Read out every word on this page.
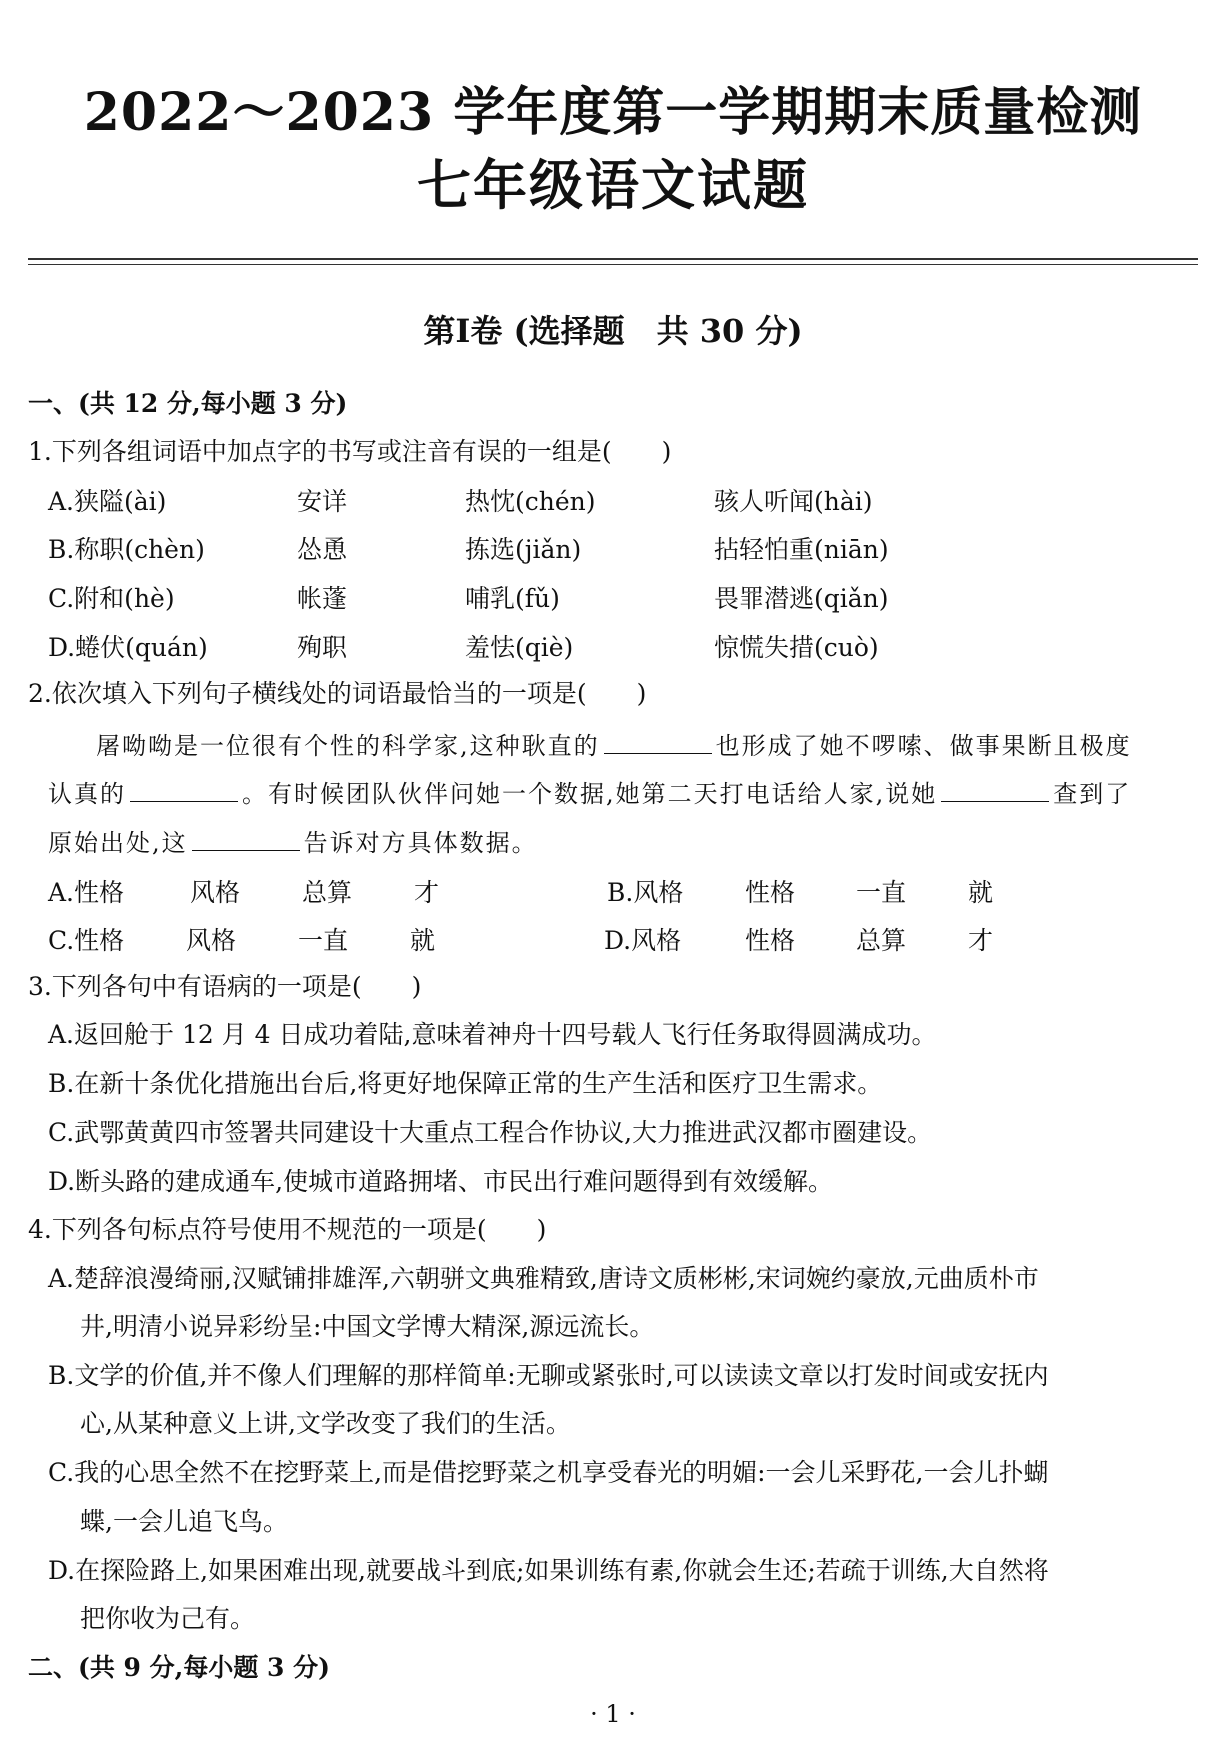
2022～2023 学年度第一学期期末质量检测
七年级语文试题
第Ⅰ卷 (选择题　共 30 分)
一、(共 12 分,每小题 3 分)
1.下列各组词语中加点字的书写或注音有误的一组是(　　)
A.狭隘(ài)	安详	热忱(chén)	骇人听闻(hài)
B.称职(chèn)	怂恿	拣选(jiǎn)	拈轻怕重(niān)
C.附和(hè)	帐蓬	哺乳(fǔ)	畏罪潜逃(qiǎn)
D.蜷伏(quán)	殉职	羞怯(qiè)	惊慌失措(cuò)
2.依次填入下列句子横线处的词语最恰当的一项是(　　)
屠呦呦是一位很有个性的科学家,这种耿直的	也形成了她不啰嗦、做事果断且极度
认真的	。有时候团队伙伴问她一个数据,她第二天打电话给人家,说她	查到了
原始出处,这	告诉对方具体数据。
A.性格	风格 总算 才	B.风格 性格 一直 就
C.性格 风格 一直 就	D.风格	性格 总算 才
3.下列各句中有语病的一项是(　　)
A.返回舱于 12 月 4 日成功着陆,意味着神舟十四号载人飞行任务取得圆满成功。
B.在新十条优化措施出台后,将更好地保障正常的生产生活和医疗卫生需求。
C.武鄂黄黄四市签署共同建设十大重点工程合作协议,大力推进武汉都市圈建设。
D.断头路的建成通车,使城市道路拥堵、市民出行难问题得到有效缓解。
4.下列各句标点符号使用不规范的一项是(　　)
A.楚辞浪漫绮丽,汉赋铺排雄浑,六朝骈文典雅精致,唐诗文质彬彬,宋词婉约豪放,元曲质朴市
井,明清小说异彩纷呈:中国文学博大精深,源远流长。
B.文学的价值,并不像人们理解的那样简单:无聊或紧张时,可以读读文章以打发时间或安抚内
心,从某种意义上讲,文学改变了我们的生活。
C.我的心思全然不在挖野菜上,而是借挖野菜之机享受春光的明媚:一会儿采野花,一会儿扑蝴
蝶,一会儿追飞鸟。
D.在探险路上,如果困难出现,就要战斗到底;如果训练有素,你就会生还;若疏于训练,大自然将
把你收为己有。
二、(共 9 分,每小题 3 分)
· 1 ·
